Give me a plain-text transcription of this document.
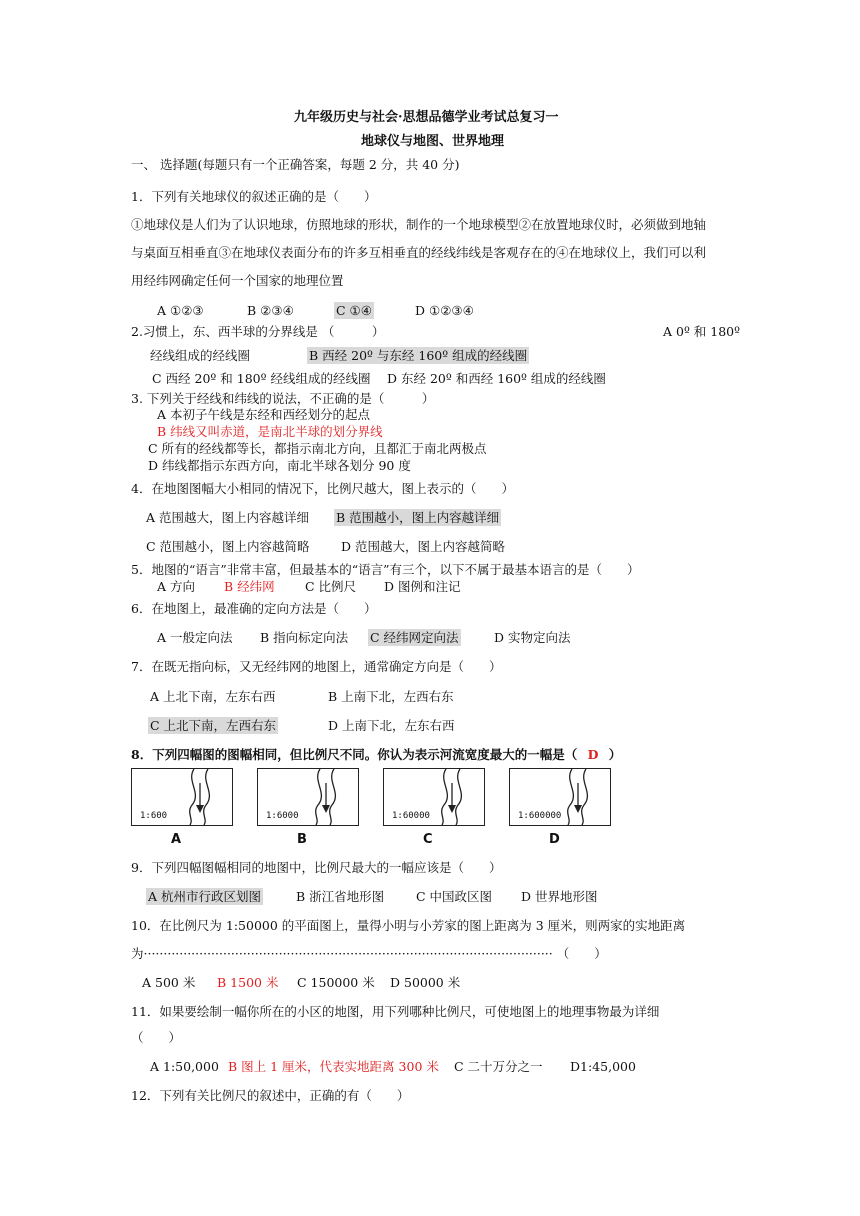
九年级历史与社会·思想品德学业考试总复习一
地球仪与地图、世界地理
一、 选择题(每题只有一个正确答案，每题 2 分，共 40 分)
1．下列有关地球仪的叙述正确的是（　　）
①地球仪是人们为了认识地球，仿照地球的形状，制作的一个地球模型②在放置地球仪时，必须做到地轴
与桌面互相垂直③在地球仪表面分布的许多互相垂直的经线纬线是客观存在的④在地球仪上，我们可以利
用经纬网确定任何一个国家的地理位置
A ①②③	B ②③④	C ①④	D ①②③④
2.习惯上，东、西半球的分界线是 （　　　）	A 0º 和 180º
经线组成的经线圈	B 西经 20º 与东经 160º 组成的经线圈
C 西经 20º 和 180º 经线组成的经线圈 D 东经 20º 和西经 160º 组成的经线圈
3. 下列关于经线和纬线的说法，不正确的是（　　　）
A 本初子午线是东经和西经划分的起点
B 纬线又叫赤道，是南北半球的划分界线
C 所有的经线都等长，都指示南北方向，且都汇于南北两极点
D 纬线都指示东西方向，南北半球各划分 90 度
4．在地图图幅大小相同的情况下，比例尺越大，图上表示的（　　）
A 范围越大，图上内容越详细 B 范围越小，图上内容越详细
C 范围越小，图上内容越简略	D 范围越大，图上内容越简略
5．地图的“语言”非常丰富，但最基本的“语言”有三个，以下不属于最基本语言的是（　　）
A 方向 B 经纬网 C 比例尺 D 图例和注记
6．在地图上，最准确的定向方法是（　　）
A 一般定向法 B 指向标定向法 C 经纬网定向法	D 实物定向法
7．在既无指向标，又无经纬网的地图上，通常确定方向是（　　）
A 上北下南，左东右西	B 上南下北，左西右东
C 上北下南，左西右东	D 上南下北，左东右西
8．下列四幅图的图幅相同，但比例尺不同。你认为表示河流宽度最大的一幅是（ D ）
1:600
A
1:6000
B
1:60000
C
1:600000
D
9．下列四幅图幅相同的地图中，比例尺最大的一幅应该是（　　）
A 杭州市行政区划图	B 浙江省地形图	C 中国政区图 D 世界地形图
10．在比例尺为 1:50000 的平面图上，量得小明与小芳家的图上距离为 3 厘米，则两家的实地距离
为······································································································· （　　）
A 500 米 B 1500 米 C 150000 米 D 50000 米
11．如果要绘制一幅你所在的小区的地图，用下列哪种比例尺，可使地图上的地理事物最为详细
（　　）
A 1:50,000 B 图上 1 厘米，代表实地距离 300 米 C 二十万分之一 D1:45,000
12．下列有关比例尺的叙述中，正确的有（　　）
